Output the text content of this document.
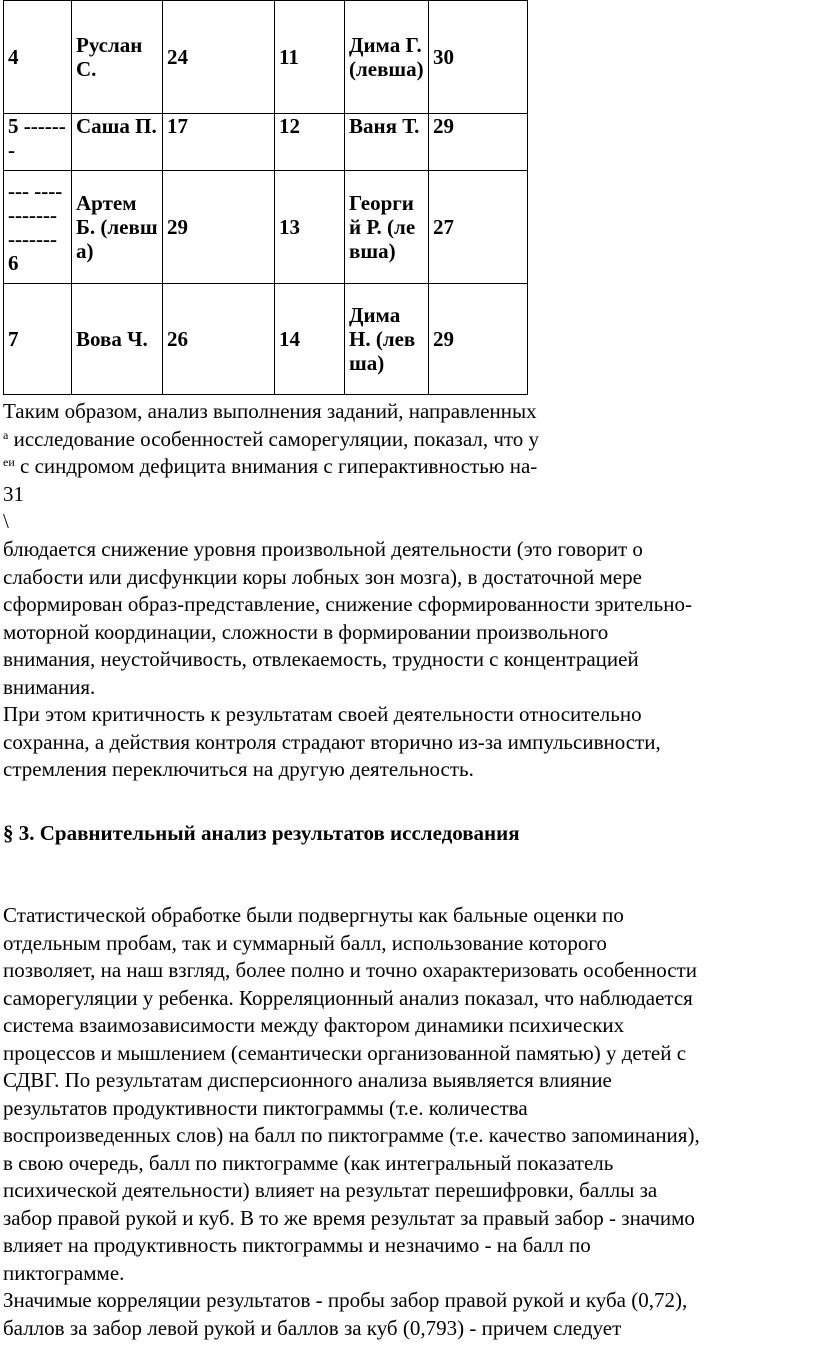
4	Руслан С.	24	11	Дима Г. (левша)	30
5 -------	Саша П.	17	12	Ваня Т.	29
--- ---- ------- ------- 6	Артем Б. (левша)	29	13	Георгий Р. (левша)	27
7	Вова Ч.	26	14	Дима Н. (левша)	29
Таким образом, анализ выполнения заданий, направленных
$^а$ исследование особенностей саморегуляции, показал, что у
$^{еи}$ с синдромом дефицита внимания с гиперактивностью на-
31
\
блюдается снижение уровня произвольной деятельности (это говорит о
слабости или дисфункции коры лобных зон мозга), в достаточной мере
сформирован образ-представление, снижение сформированности зрительно-
моторной координации, сложности в формировании произвольного
внимания, неустойчивость, отвлекаемость, трудности с концентрацией
внимания.
При этом критичность к результатам своей деятельности относительно
сохранна, а действия контроля страдают вторично из-за импульсивности,
стремления переключиться на другую деятельность.
§ 3. Сравнительный анализ результатов исследования
Статистической обработке были подвергнуты как бальные оценки по
отдельным пробам, так и суммарный балл, использование которого
позволяет, на наш взгляд, более полно и точно охарактеризовать особенности
саморегуляции у ребенка. Корреляционный анализ показал, что наблюдается
система взаимозависимости между фактором динамики психических
процессов и мышлением (семантически организованной памятью) у детей с
СДВГ. По результатам дисперсионного анализа выявляется влияние
результатов продуктивности пиктограммы (т.е. количества
воспроизведенных слов) на балл по пиктограмме (т.е. качество запоминания),
в свою очередь, балл по пиктограмме (как интегральный показатель
психической деятельности) влияет на результат перешифровки, баллы за
забор правой рукой и куб. В то же время результат за правый забор - значимо
влияет на продуктивность пиктограммы и незначимо - на балл по
пиктограмме.
Значимые корреляции результатов - пробы забор правой рукой и куба (0,72),
баллов за забор левой рукой и баллов за куб (0,793) - причем следует
